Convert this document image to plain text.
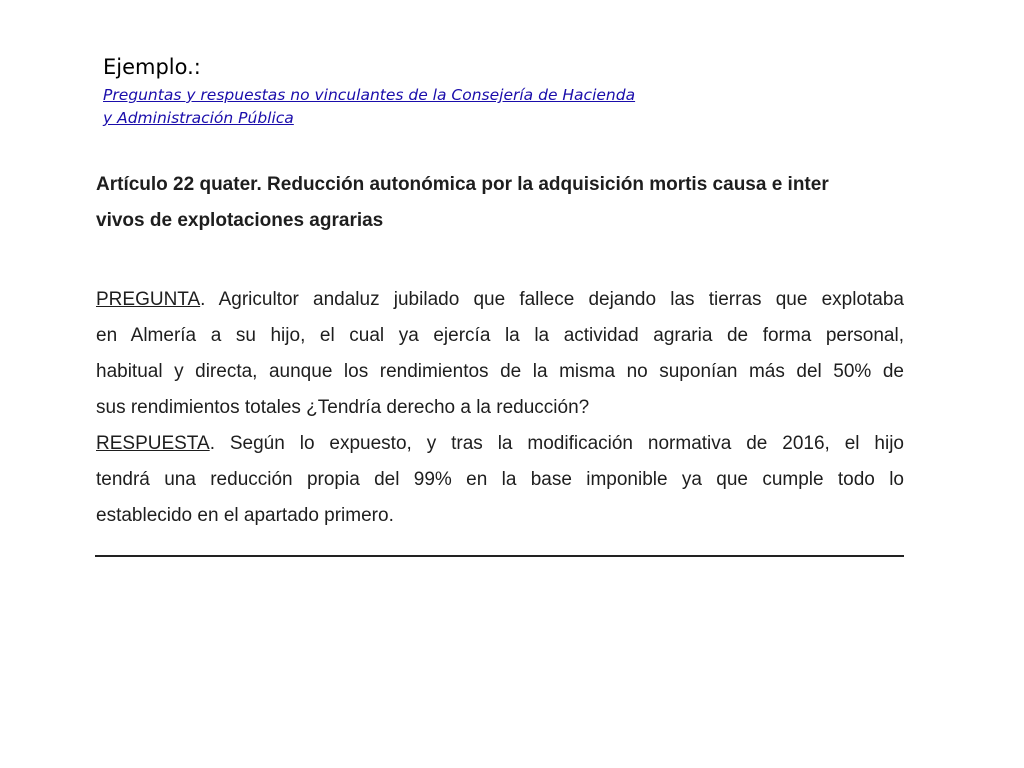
Ejemplo.:
Preguntas y respuestas no vinculantes de la Consejería de Hacienda
y Administración Pública

Artículo 22 quater. Reducción autonómica por la adquisición mortis causa e inter
vivos de explotaciones agrarias

PREGUNTA. Agricultor andaluz jubilado que fallece dejando las tierras que explotaba
en Almería a su hijo, el cual ya ejercía la la actividad agraria de forma personal,
habitual y directa, aunque los rendimientos de la misma no suponían más del 50% de
sus rendimientos totales ¿Tendría derecho a la reducción?
RESPUESTA. Según lo expuesto, y tras la modificación normativa de 2016, el hijo
tendrá una reducción propia del 99% en la base imponible ya que cumple todo lo
establecido en el apartado primero.
